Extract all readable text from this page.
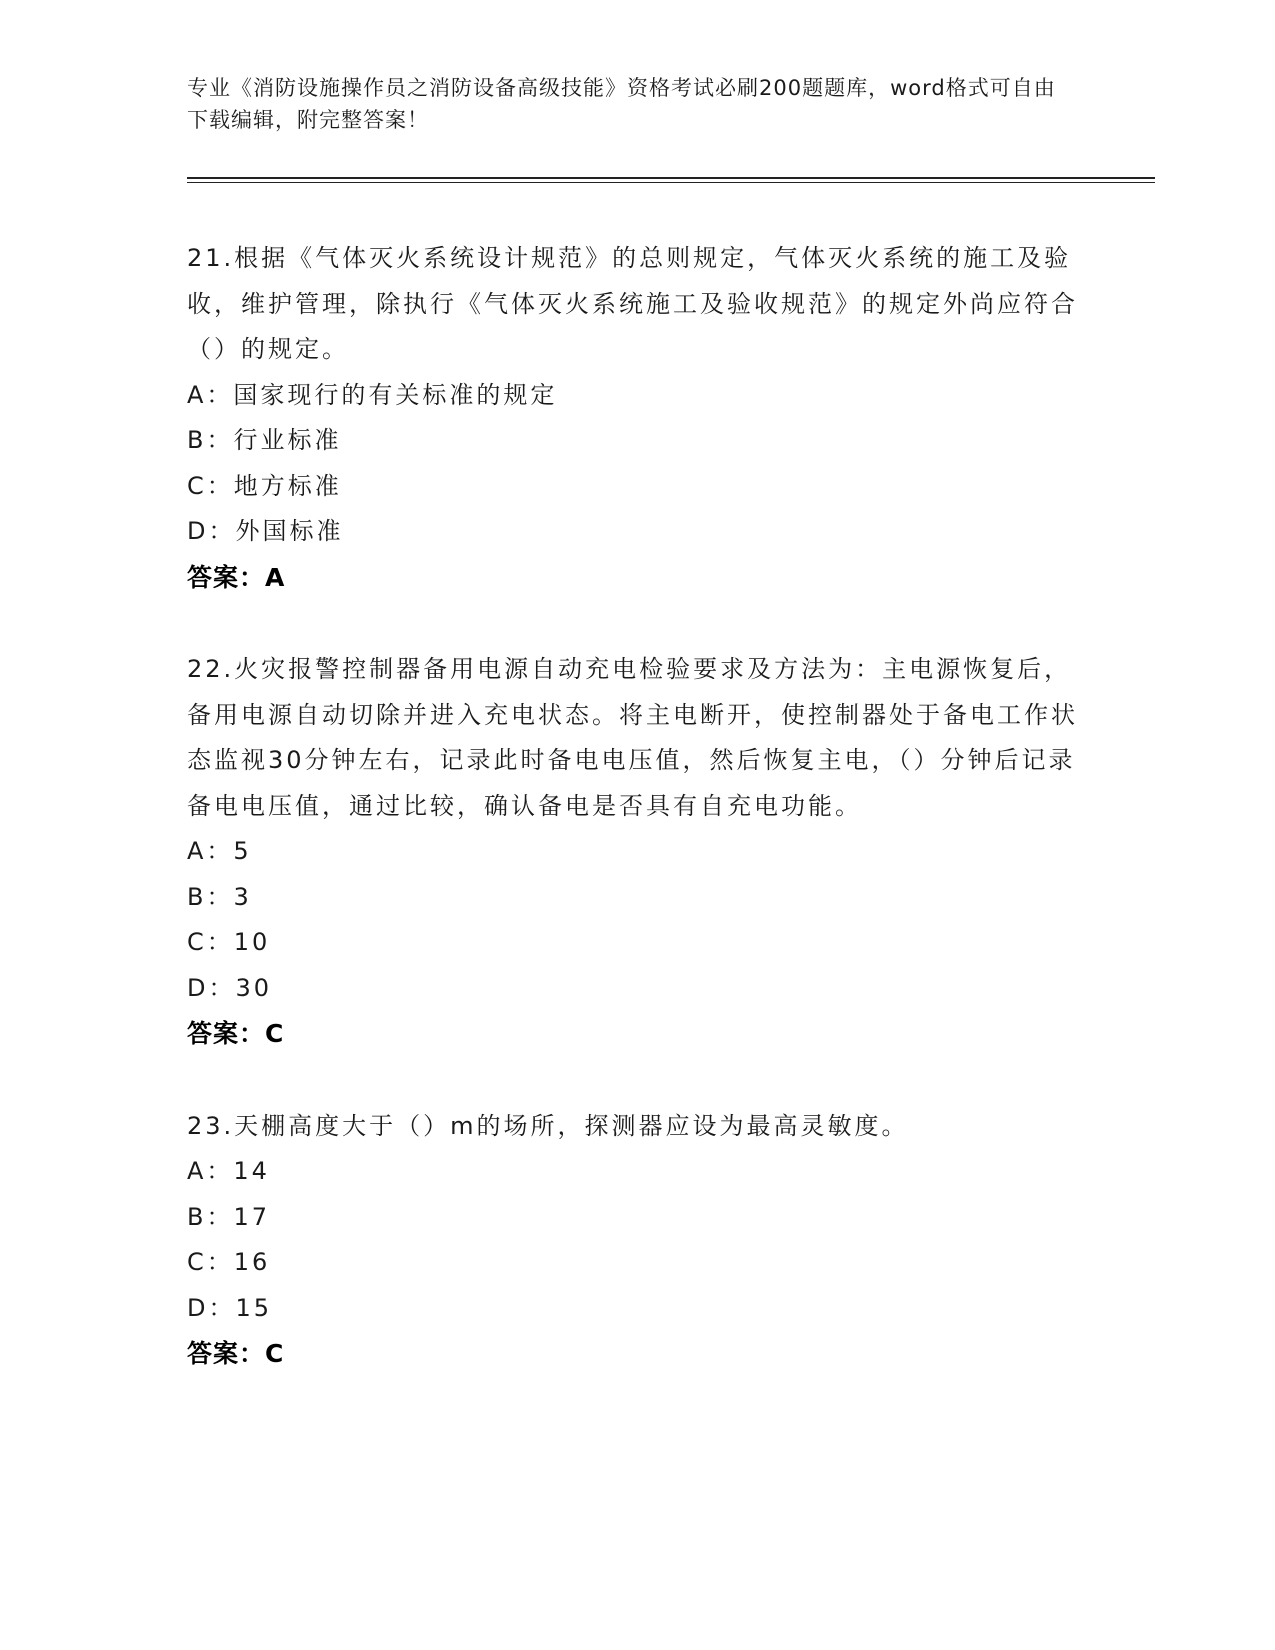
专业《消防设施操作员之消防设备高级技能》资格考试必刷200题题库，word格式可自由下载编辑，附完整答案！

21.根据《气体灭火系统设计规范》的总则规定，气体灭火系统的施工及验收，维护管理，除执行《气体灭火系统施工及验收规范》的规定外尚应符合（）的规定。

A：国家现行的有关标准的规定

B：行业标准

C：地方标准

D：外国标准

答案：A

22.火灾报警控制器备用电源自动充电检验要求及方法为：主电源恢复后，备用电源自动切除并进入充电状态。将主电断开，使控制器处于备电工作状态监视30分钟左右，记录此时备电电压值，然后恢复主电，（）分钟后记录备电电压值，通过比较，确认备电是否具有自充电功能。

A：5

B：3

C：10

D：30

答案：C

23.天棚高度大于（）m的场所，探测器应设为最高灵敏度。

A：14

B：17

C：16

D：15

答案：C
